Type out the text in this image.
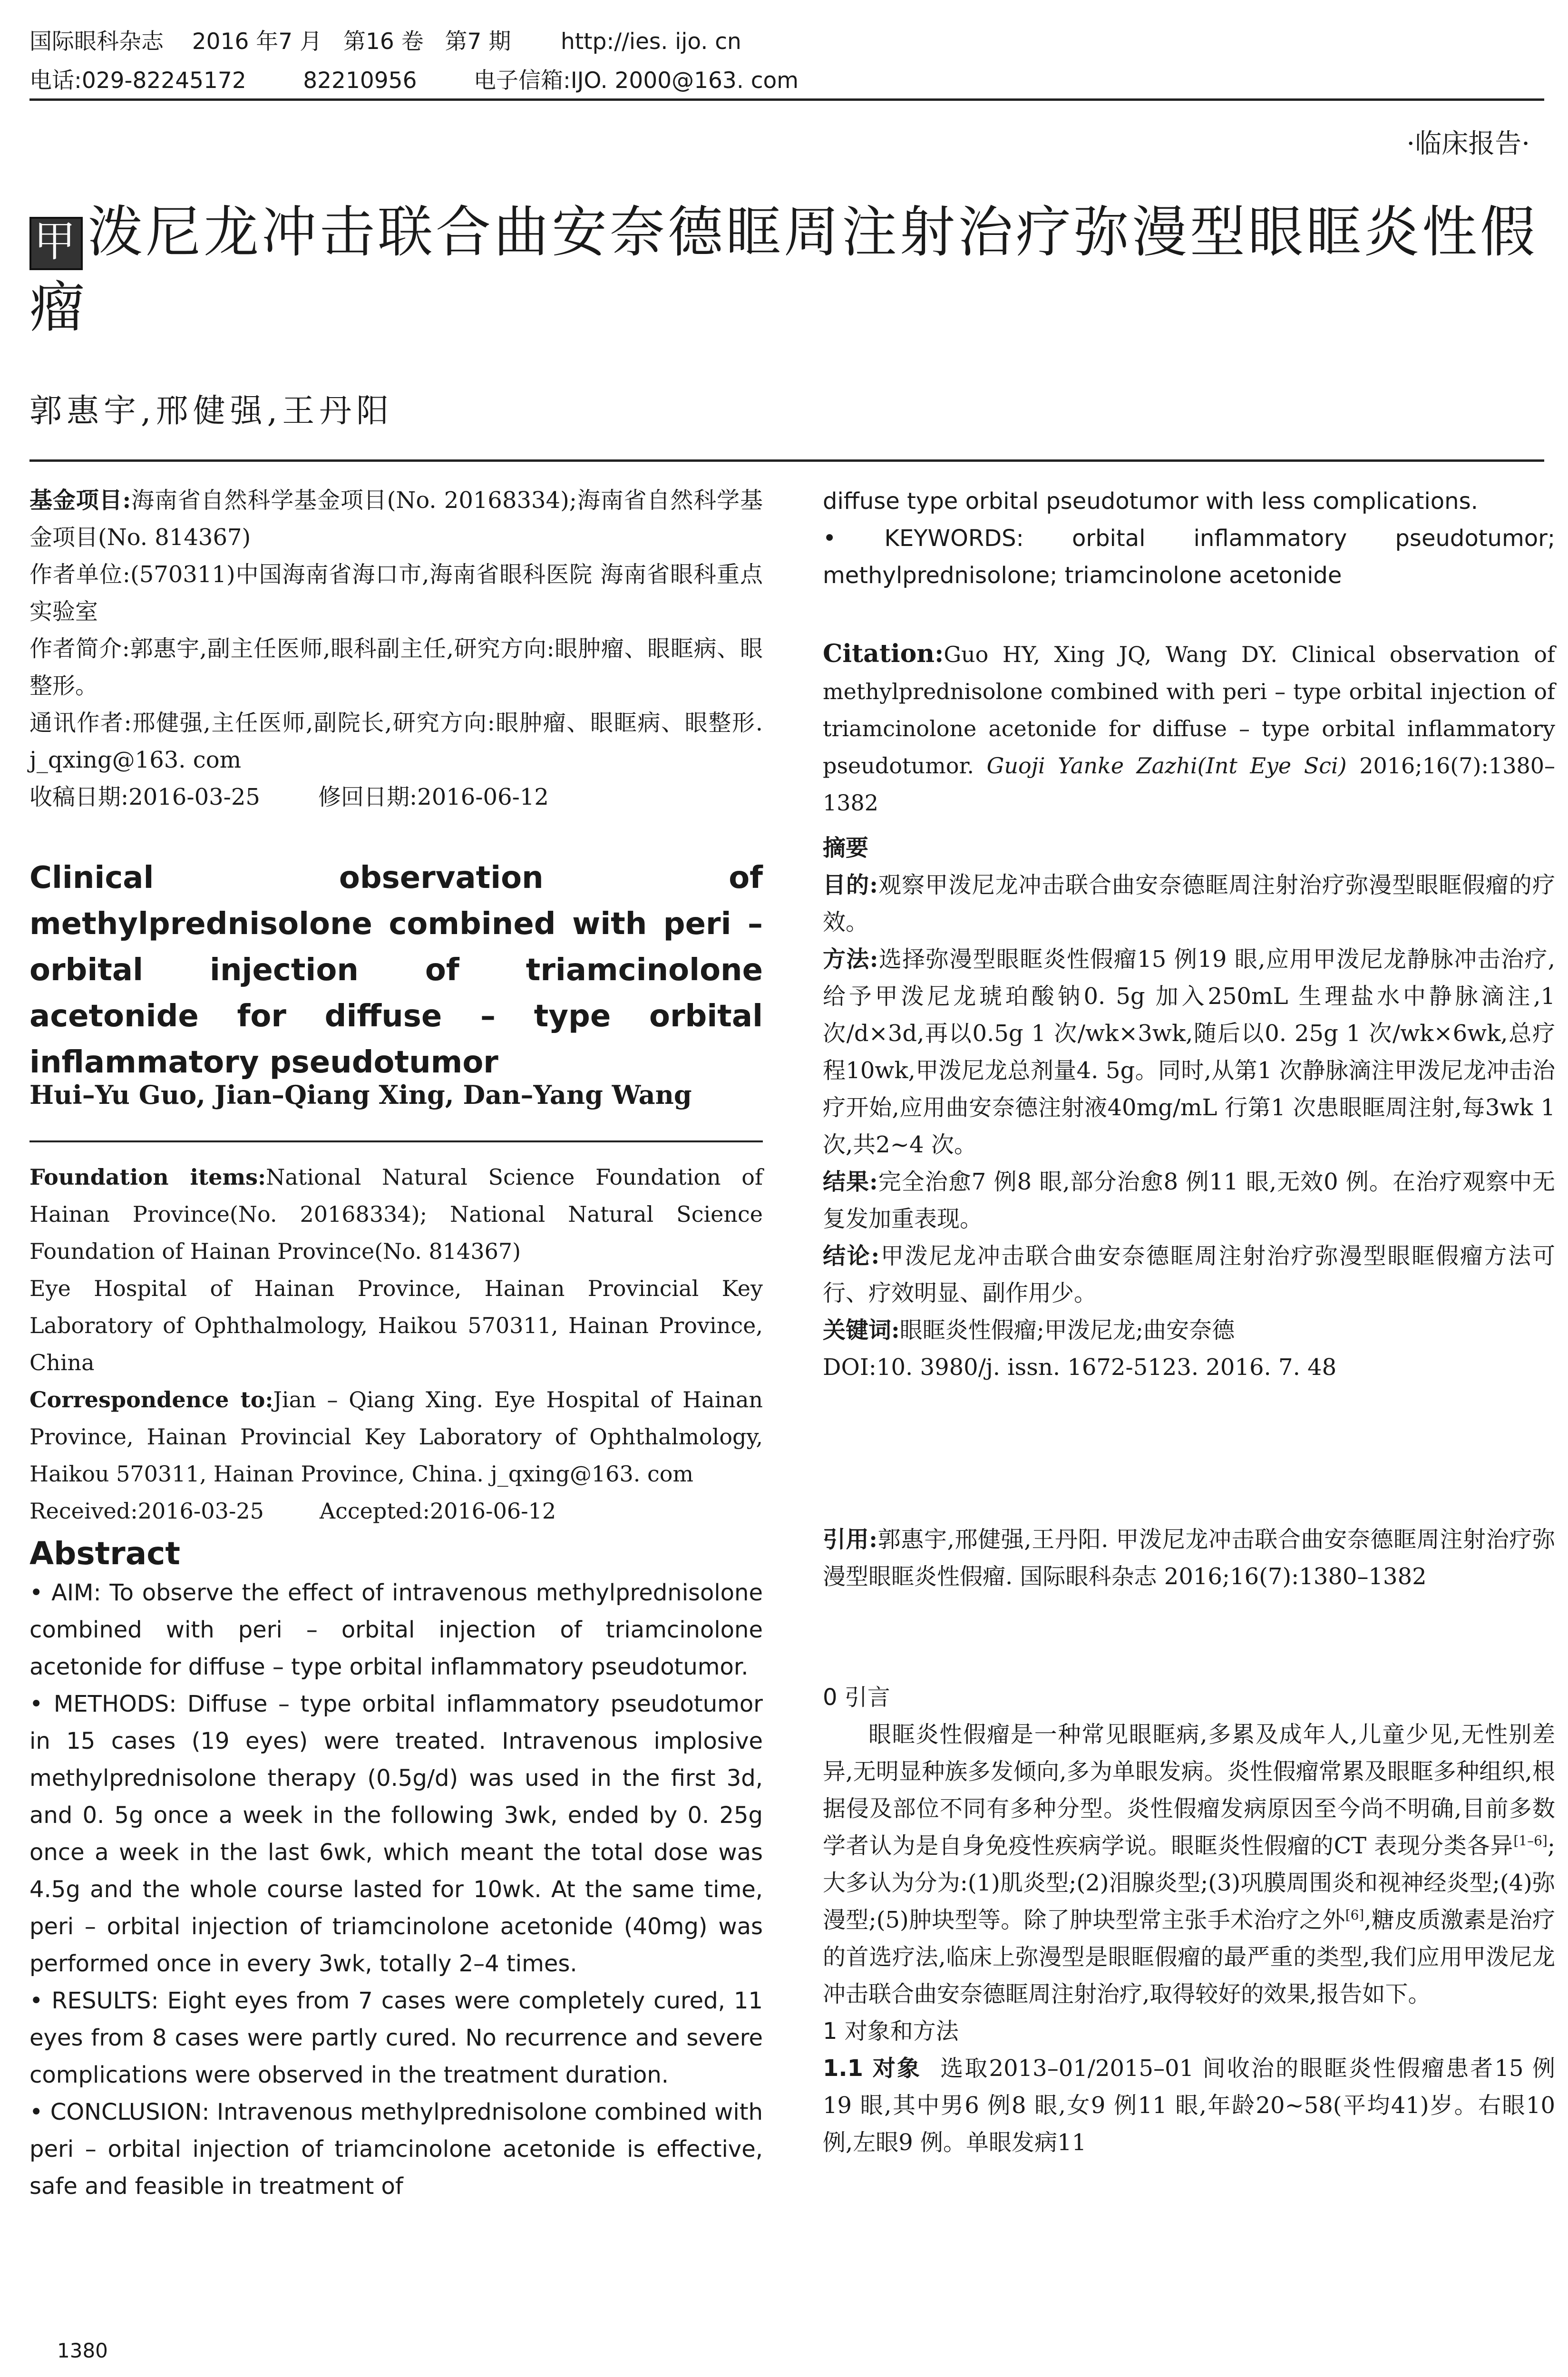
国际眼科杂志    2016 年7 月   第16 卷   第7 期       http://ies. ijo. cn
电话:029-82245172        82210956        电子信箱:IJO. 2000@163. com
·临床报告·
甲 泼尼龙冲击联合曲安奈德眶周注射治疗弥漫型眼眶炎性假瘤
郭惠宇,邢健强,王丹阳

基金项目:海南省自然科学基金项目(No. 20168334);海南省自然科学基金项目(No. 814367)

作者单位:(570311)中国海南省海口市,海南省眼科医院 海南省眼科重点实验室

作者简介:郭惠宇,副主任医师,眼科副主任,研究方向:眼肿瘤、眼眶病、眼整形。

通讯作者:邢健强,主任医师,副院长,研究方向:眼肿瘤、眼眶病、眼整形. j_qxing@163. com

收稿日期:2016-03-25        修回日期:2016-06-12

Clinical observation of methylprednisolone combined with peri – orbital injection of triamcinolone acetonide for diffuse – type orbital inflammatory pseudotumor
Hui–Yu Guo, Jian–Qiang Xing, Dan–Yang Wang

Foundation items:National Natural Science Foundation of Hainan Province(No. 20168334); National Natural Science Foundation of Hainan Province(No. 814367)

Eye Hospital of Hainan Province, Hainan Provincial Key Laboratory of Ophthalmology, Haikou 570311, Hainan Province, China

Correspondence to:Jian – Qiang Xing. Eye Hospital of Hainan Province, Hainan Provincial Key Laboratory of Ophthalmology, Haikou 570311, Hainan Province, China. j_qxing@163. com

Received:2016-03-25        Accepted:2016-06-12

Abstract

• AIM: To observe the effect of intravenous methylprednisolone combined with peri – orbital injection of triamcinolone acetonide for diffuse – type orbital inflammatory pseudotumor.

• METHODS: Diffuse – type orbital inflammatory pseudotumor in 15 cases (19 eyes) were treated. Intravenous implosive methylprednisolone therapy (0.5g/d) was used in the first 3d, and 0. 5g once a week in the following 3wk, ended by 0. 25g once a week in the last 6wk, which meant the total dose was 4.5g and the whole course lasted for 10wk. At the same time, peri – orbital injection of triamcinolone acetonide (40mg) was performed once in every 3wk, totally 2–4 times.

• RESULTS: Eight eyes from 7 cases were completely cured, 11 eyes from 8 cases were partly cured. No recurrence and severe complications were observed in the treatment duration.

• CONCLUSION: Intravenous methylprednisolone combined with peri – orbital injection of triamcinolone acetonide is effective, safe and feasible in treatment of

diffuse type orbital pseudotumor with less complications.

• KEYWORDS: orbital inflammatory pseudotumor; methylprednisolone; triamcinolone acetonide

Citation:Guo HY, Xing JQ, Wang DY. Clinical observation of methylprednisolone combined with peri – type orbital injection of triamcinolone acetonide for diffuse – type orbital inflammatory pseudotumor. Guoji Yanke Zazhi(Int Eye Sci) 2016;16(7):1380–1382

摘要

目的:观察甲泼尼龙冲击联合曲安奈德眶周注射治疗弥漫型眼眶假瘤的疗效。

方法:选择弥漫型眼眶炎性假瘤15 例19 眼,应用甲泼尼龙静脉冲击治疗,给予甲泼尼龙琥珀酸钠0. 5g 加入250mL 生理盐水中静脉滴注,1 次/d×3d,再以0.5g 1 次/wk×3wk,随后以0. 25g 1 次/wk×6wk,总疗程10wk,甲泼尼龙总剂量4. 5g。同时,从第1 次静脉滴注甲泼尼龙冲击治疗开始,应用曲安奈德注射液40mg/mL 行第1 次患眼眶周注射,每3wk 1 次,共2~4 次。

结果:完全治愈7 例8 眼,部分治愈8 例11 眼,无效0 例。在治疗观察中无复发加重表现。

结论:甲泼尼龙冲击联合曲安奈德眶周注射治疗弥漫型眼眶假瘤方法可行、疗效明显、副作用少。

关键词:眼眶炎性假瘤;甲泼尼龙;曲安奈德

DOI:10. 3980/j. issn. 1672-5123. 2016. 7. 48

引用:郭惠宇,邢健强,王丹阳. 甲泼尼龙冲击联合曲安奈德眶周注射治疗弥漫型眼眶炎性假瘤. 国际眼科杂志 2016;16(7):1380–1382

0 引言

眼眶炎性假瘤是一种常见眼眶病,多累及成年人,儿童少见,无性别差异,无明显种族多发倾向,多为单眼发病。炎性假瘤常累及眼眶多种组织,根据侵及部位不同有多种分型。炎性假瘤发病原因至今尚不明确,目前多数学者认为是自身免疫性疾病学说。眼眶炎性假瘤的CT 表现分类各异[1–6];大多认为分为:(1)肌炎型;(2)泪腺炎型;(3)巩膜周围炎和视神经炎型;(4)弥漫型;(5)肿块型等。除了肿块型常主张手术治疗之外[6],糖皮质激素是治疗的首选疗法,临床上弥漫型是眼眶假瘤的最严重的类型,我们应用甲泼尼龙冲击联合曲安奈德眶周注射治疗,取得较好的效果,报告如下。

1 对象和方法

1.1 对象 选取2013–01/2015–01 间收治的眼眶炎性假瘤患者15 例19 眼,其中男6 例8 眼,女9 例11 眼,年龄20~58(平均41)岁。右眼10 例,左眼9 例。单眼发病11

1380
